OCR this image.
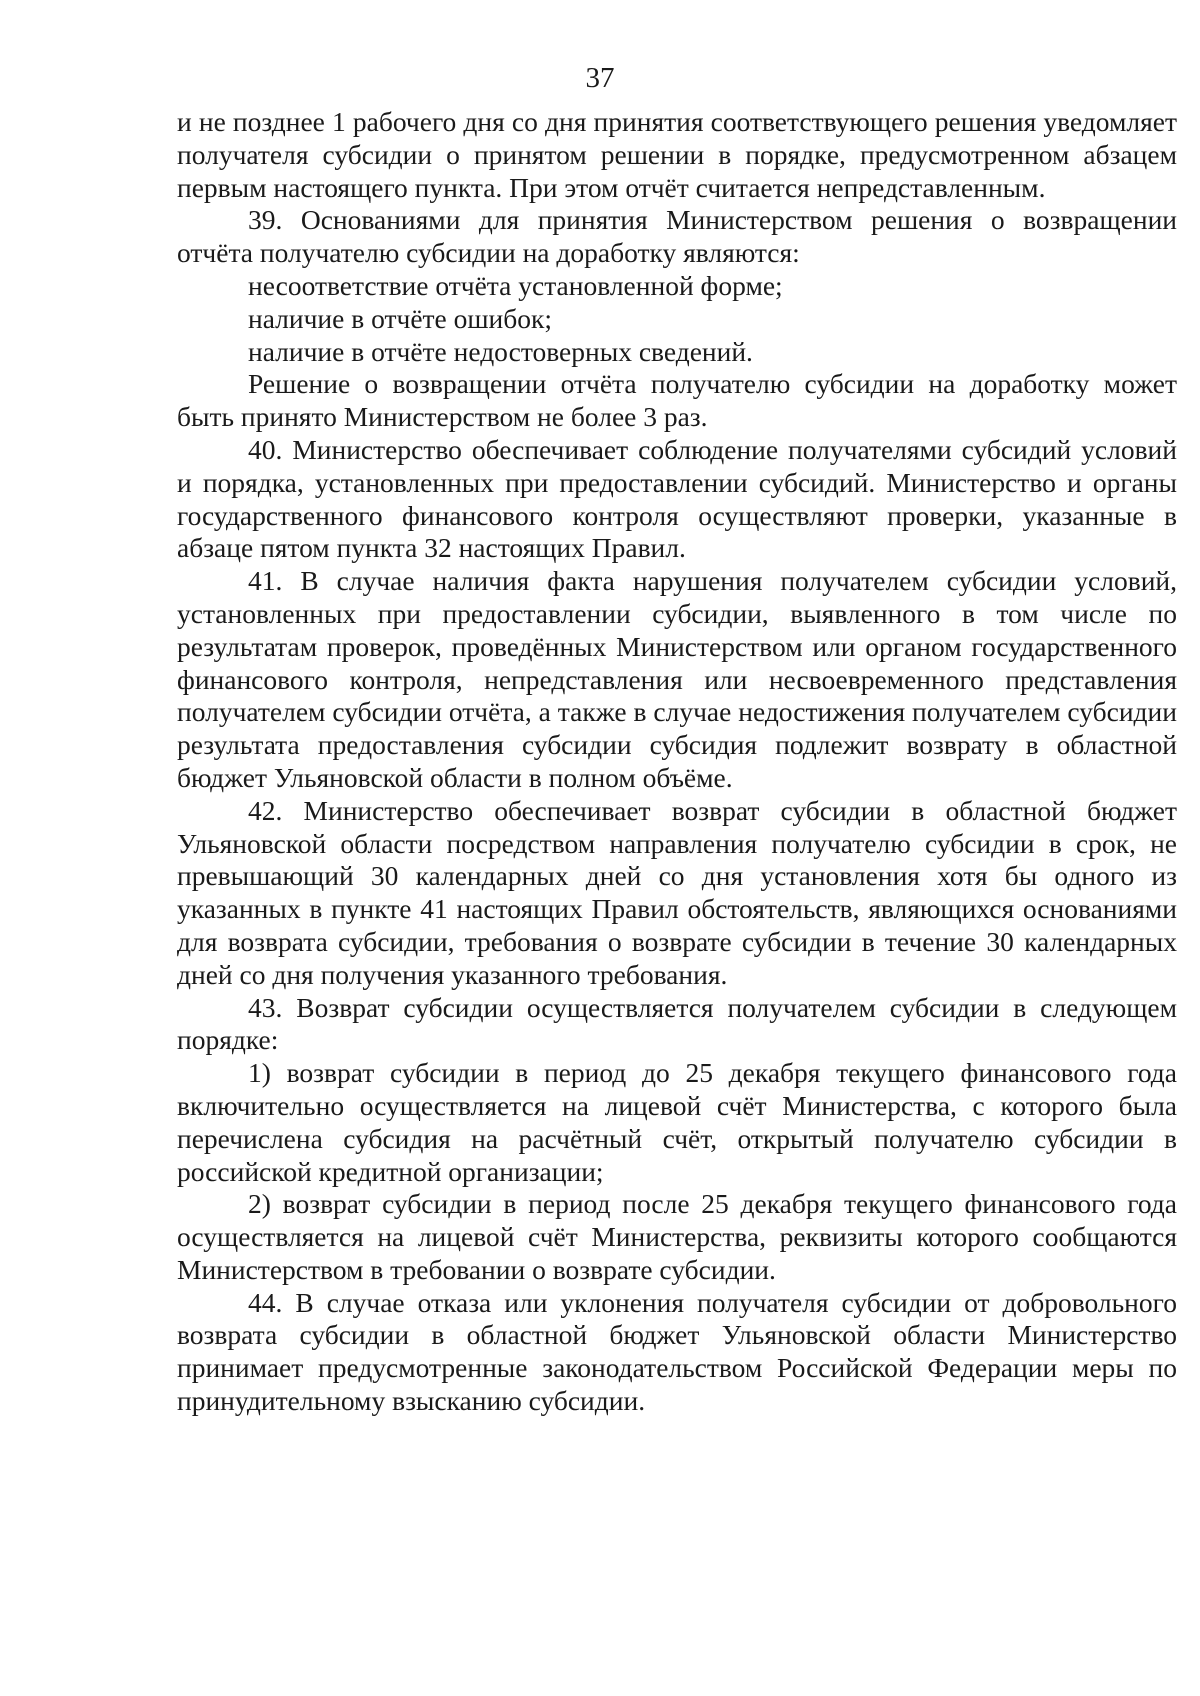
37

и не позднее 1 рабочего дня со дня принятия соответствующего решения уведомляет получателя субсидии о принятом решении в порядке, предусмотренном абзацем первым настоящего пункта. При этом отчёт считается непредставленным.

39. Основаниями для принятия Министерством решения о возвращении отчёта получателю субсидии на доработку являются:

несоответствие отчёта установленной форме;

наличие в отчёте ошибок;

наличие в отчёте недостоверных сведений.

Решение о возвращении отчёта получателю субсидии на доработку может быть принято Министерством не более 3 раз.

40. Министерство обеспечивает соблюдение получателями субсидий условий и порядка, установленных при предоставлении субсидий. Министерство и органы государственного финансового контроля осуществляют проверки, указанные в абзаце пятом пункта 32 настоящих Правил.

41. В случае наличия факта нарушения получателем субсидии условий, установленных при предоставлении субсидии, выявленного в том числе по результатам проверок, проведённых Министерством или органом государственного финансового контроля, непредставления или несвоевременного представления получателем субсидии отчёта, а также в случае недостижения получателем субсидии результата предоставления субсидии субсидия подлежит возврату в областной бюджет Ульяновской области в полном объёме.

42. Министерство обеспечивает возврат субсидии в областной бюджет Ульяновской области посредством направления получателю субсидии в срок, не превышающий 30 календарных дней со дня установления хотя бы одного из указанных в пункте 41 настоящих Правил обстоятельств, являющихся основаниями для возврата субсидии, требования о возврате субсидии в течение 30 календарных дней со дня получения указанного требования.

43. Возврат субсидии осуществляется получателем субсидии в следующем порядке:

1) возврат субсидии в период до 25 декабря текущего финансового года включительно осуществляется на лицевой счёт Министерства, с которого была перечислена субсидия на расчётный счёт, открытый получателю субсидии в российской кредитной организации;

2) возврат субсидии в период после 25 декабря текущего финансового года осуществляется на лицевой счёт Министерства, реквизиты которого сообщаются Министерством в требовании о возврате субсидии.

44. В случае отказа или уклонения получателя субсидии от добровольного возврата субсидии в областной бюджет Ульяновской области Министерство принимает предусмотренные законодательством Российской Федерации меры по принудительному взысканию субсидии.
